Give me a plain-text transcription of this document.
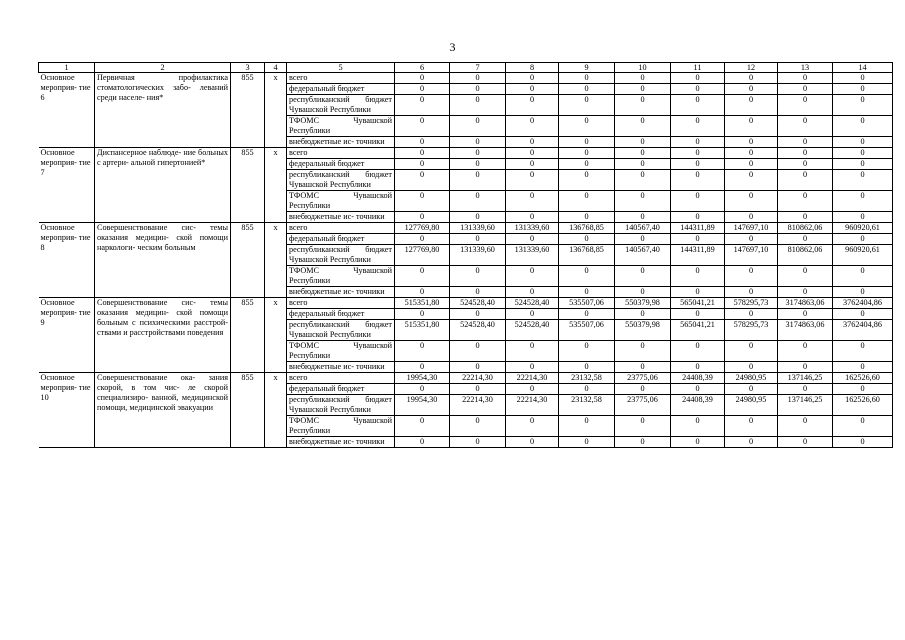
3
1	2	3	4	5	6	7	8	9	10	11	12	13	14
Основное мероприя- тие 6	Первичная профилактика стоматологических забо- леваний среди населе- ния*	855	х	всего	0	0	0	0	0	0	0	0	0
				федеральный бюджет	0	0	0	0	0	0	0	0	0
				республиканский бюджет Чувашской Республики	0	0	0	0	0	0	0	0	0
				ТФОМС Чувашской Республики	0	0	0	0	0	0	0	0	0
				внебюджетные ис- точники	0	0	0	0	0	0	0	0	0
Основное мероприя- тие 7	Диспансерное наблюде- ние больных с артери- альной гипертонией*	855	х	всего	0	0	0	0	0	0	0	0	0
				федеральный бюджет	0	0	0	0	0	0	0	0	0
				республиканский бюджет Чувашской Республики	0	0	0	0	0	0	0	0	0
				ТФОМС Чувашской Республики	0	0	0	0	0	0	0	0	0
				внебюджетные ис- точники	0	0	0	0	0	0	0	0	0
Основное мероприя- тие 8	Совершенствование сис- темы оказания медицин- ской помощи наркологи- ческим больным	855	х	всего	127769,80	131339,60	131339,60	136768,85	140567,40	144311,89	147697,10	810862,06	960920,61
				федеральный бюджет	0	0	0	0	0	0	0	0	0
				республиканский бюджет Чувашской Республики	127769,80	131339,60	131339,60	136768,85	140567,40	144311,89	147697,10	810862,06	960920,61
				ТФОМС Чувашской Республики	0	0	0	0	0	0	0	0	0
				внебюджетные ис- точники	0	0	0	0	0	0	0	0	0
Основное мероприя- тие 9	Совершенствование сис- темы оказания медицин- ской помощи больным с психическими расстрой- ствами и расстройствами поведения	855	х	всего	515351,80	524528,40	524528,40	535507,06	550379,98	565041,21	578295,73	3174863,06	3762404,86
				федеральный бюджет	0	0	0	0	0	0	0	0	0
				республиканский бюджет Чувашской Республики	515351,80	524528,40	524528,40	535507,06	550379,98	565041,21	578295,73	3174863,06	3762404,86
				ТФОМС Чувашской Республики	0	0	0	0	0	0	0	0	0
				внебюджетные ис- точники	0	0	0	0	0	0	0	0	0
Основное мероприя- тие 10	Совершенствование ока- зания скорой, в том чис- ле скорой специализиро- ванной, медицинской помощи, медицинской эвакуации	855	х	всего	19954,30	22214,30	22214,30	23132,58	23775,06	24408,39	24980,95	137146,25	162526,60
				федеральный бюджет	0	0	0	0	0	0	0	0	0
				республиканский бюджет Чувашской Республики	19954,30	22214,30	22214,30	23132,58	23775,06	24408,39	24980,95	137146,25	162526,60
				ТФОМС Чувашской Республики	0	0	0	0	0	0	0	0	0
				внебюджетные ис- точники	0	0	0	0	0	0	0	0	0
